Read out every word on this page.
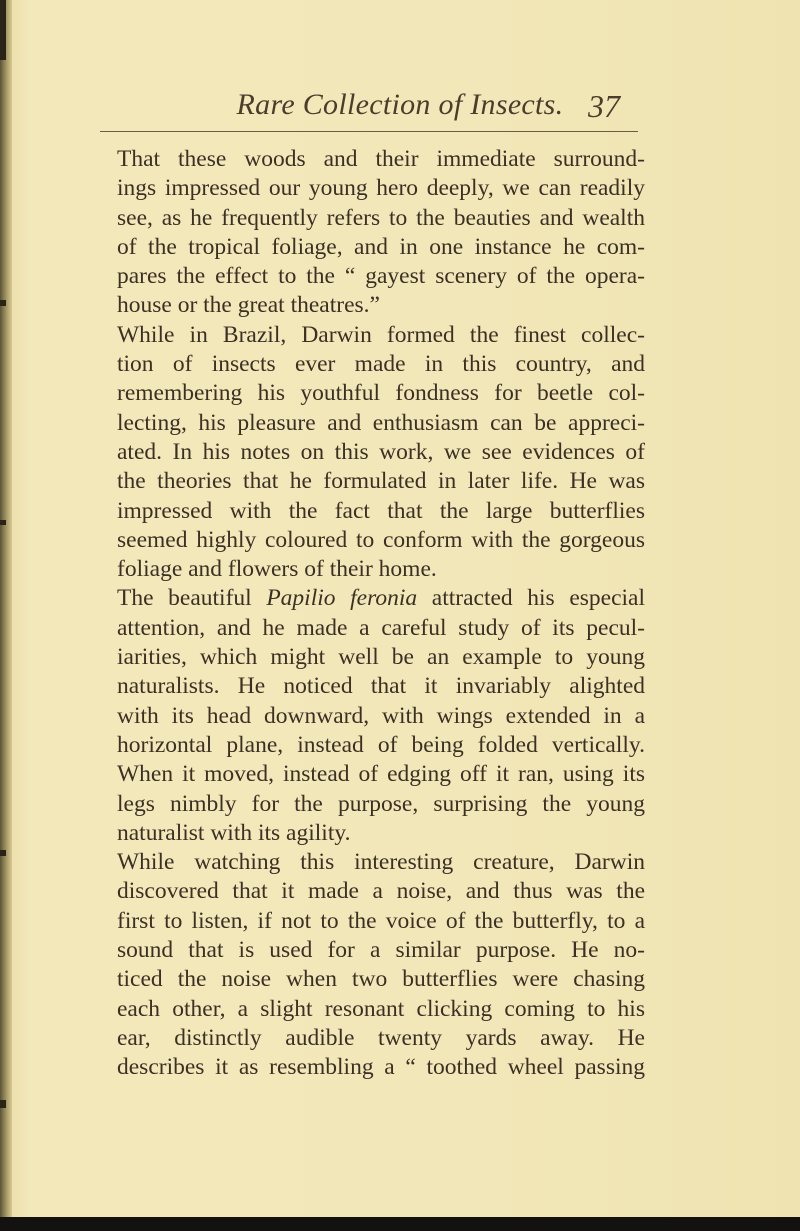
Rare Collection of Insects. 37
That these woods and their immediate surround-
ings impressed our young hero deeply, we can readily
see, as he frequently refers to the beauties and wealth
of the tropical foliage, and in one instance he com-
pares the effect to the “ gayest scenery of the opera-
house or the great theatres.”
While in Brazil, Darwin formed the finest collec-
tion of insects ever made in this country, and
remembering his youthful fondness for beetle col-
lecting, his pleasure and enthusiasm can be appreci-
ated. In his notes on this work, we see evidences of
the theories that he formulated in later life. He was
impressed with the fact that the large butterflies
seemed highly coloured to conform with the gorgeous
foliage and flowers of their home.
The beautiful Papilio feronia attracted his especial
attention, and he made a careful study of its pecul-
iarities, which might well be an example to young
naturalists. He noticed that it invariably alighted
with its head downward, with wings extended in a
horizontal plane, instead of being folded vertically.
When it moved, instead of edging off it ran, using its
legs nimbly for the purpose, surprising the young
naturalist with its agility.
While watching this interesting creature, Darwin
discovered that it made a noise, and thus was the
first to listen, if not to the voice of the butterfly, to a
sound that is used for a similar purpose. He no-
ticed the noise when two butterflies were chasing
each other, a slight resonant clicking coming to his
ear, distinctly audible twenty yards away. He
describes it as resembling a “ toothed wheel passing
